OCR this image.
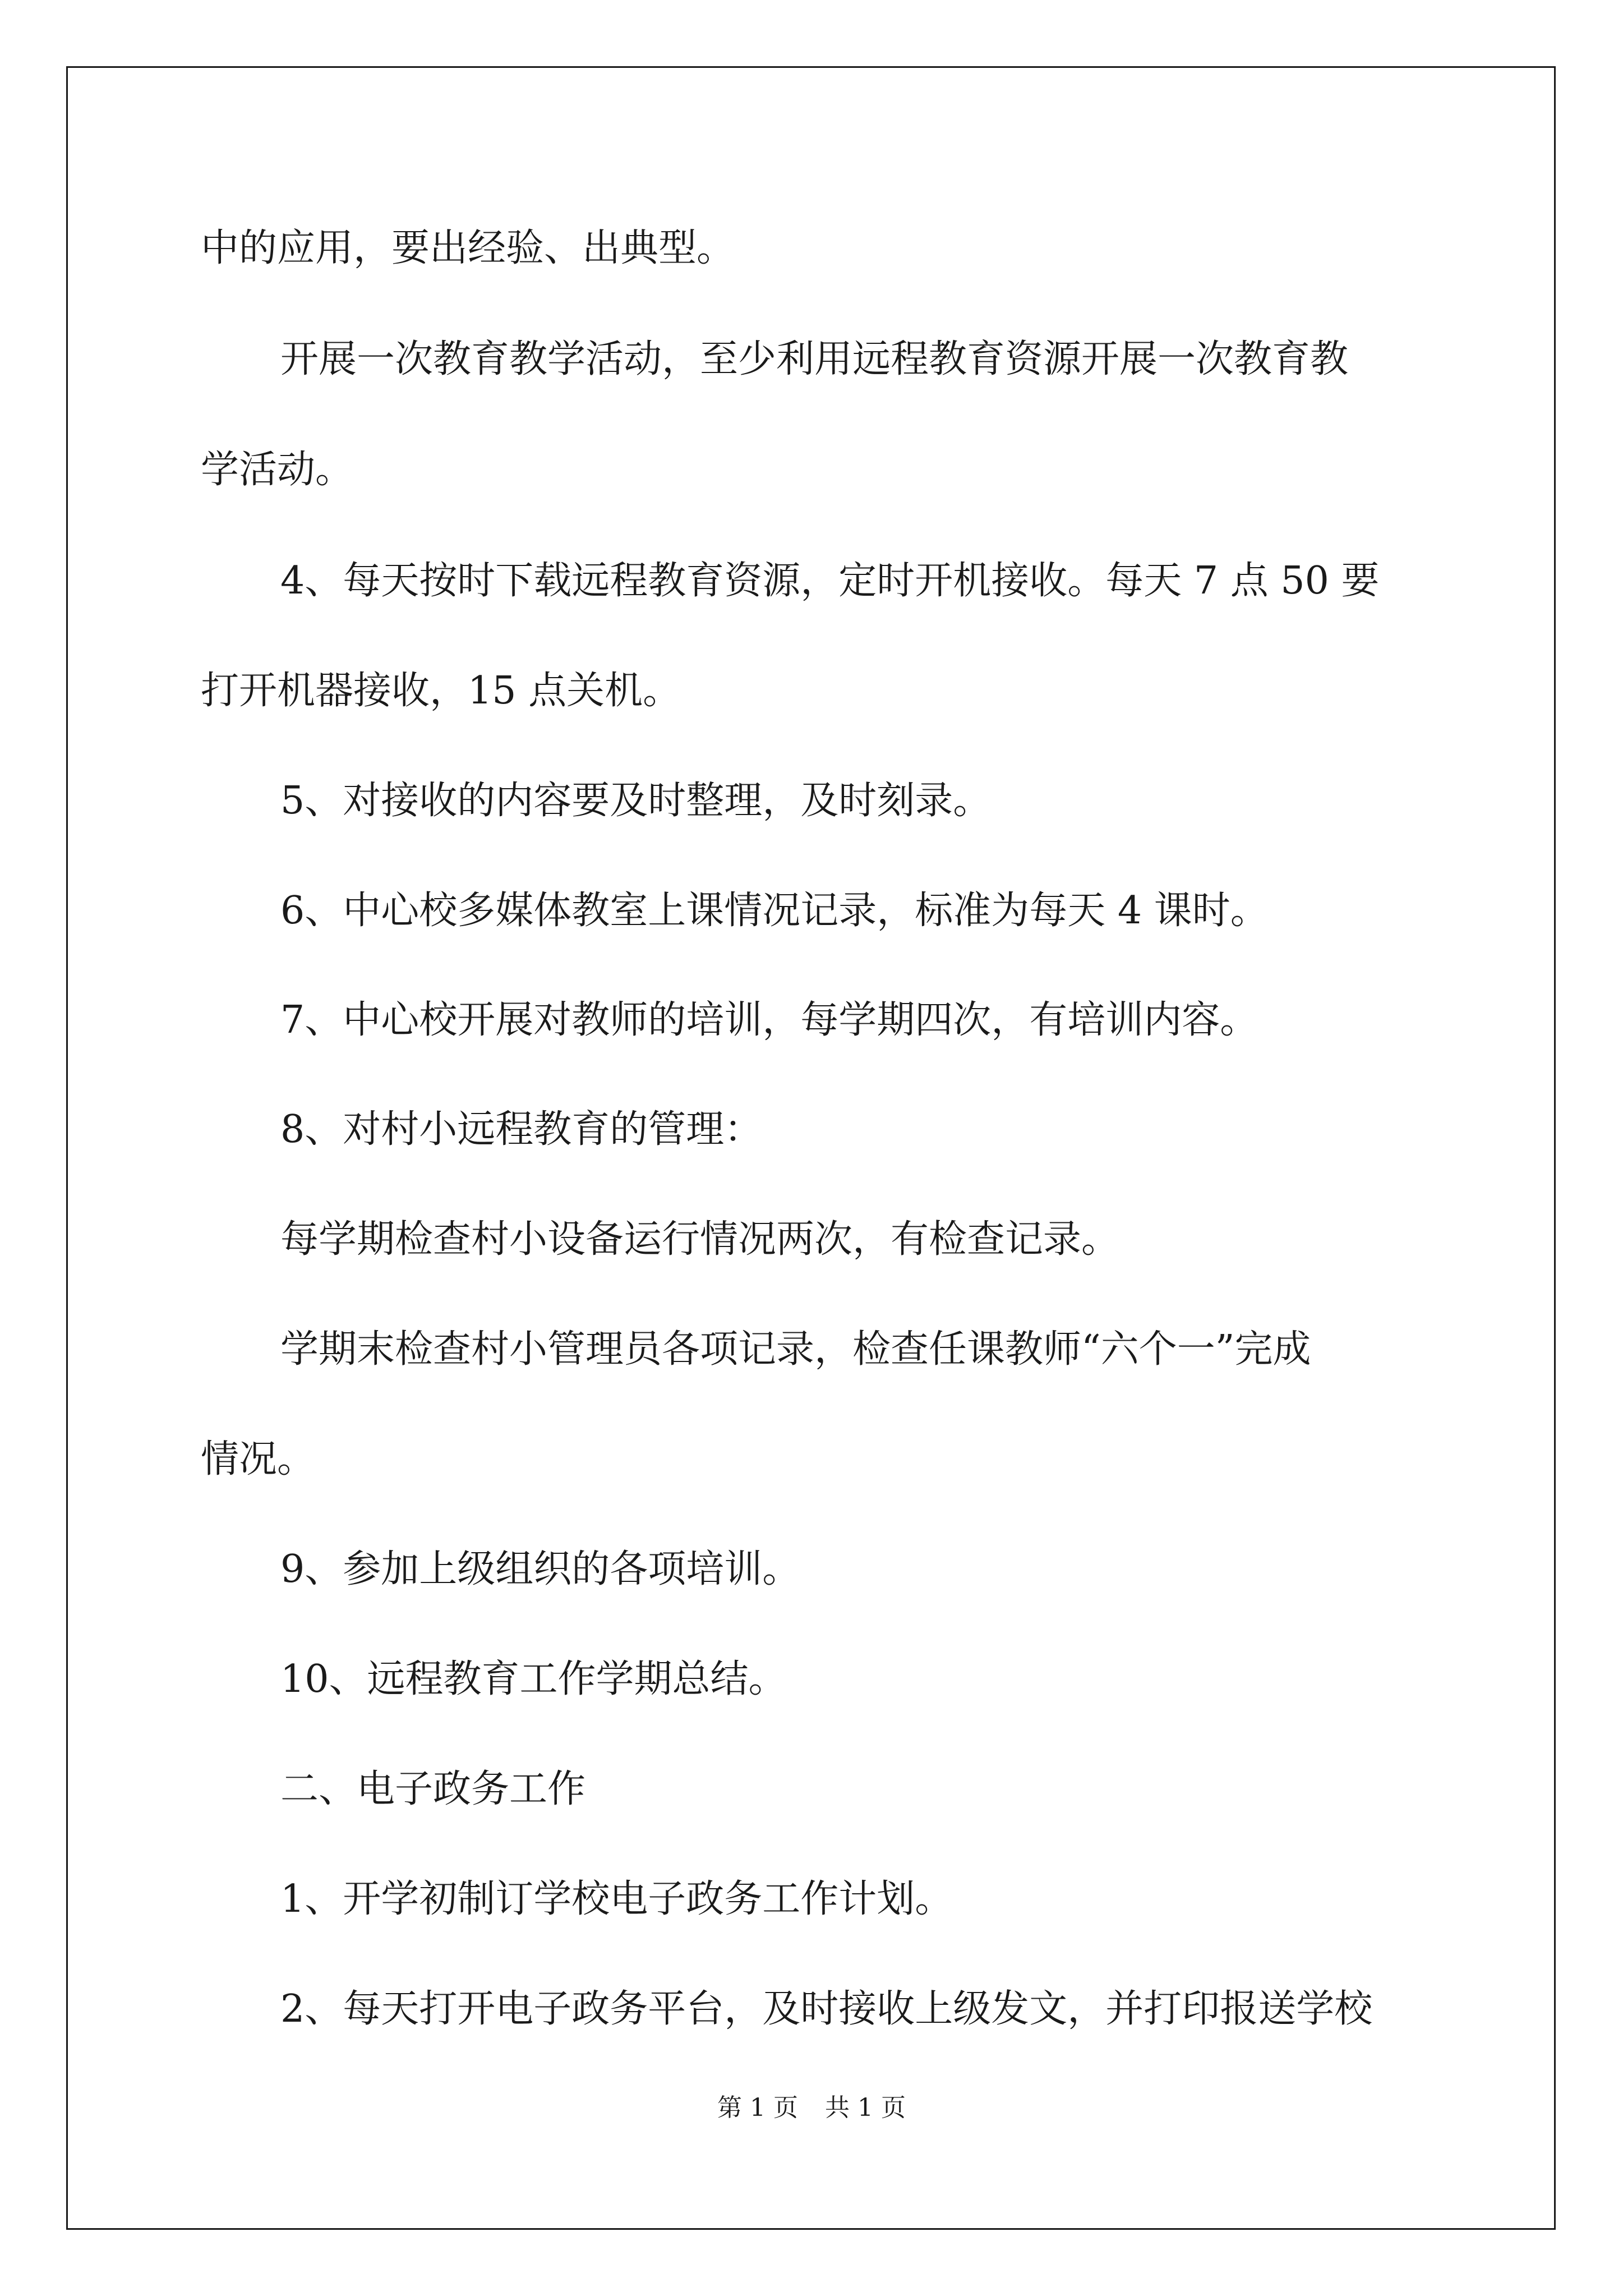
中的应用，要出经验、出典型。

开展一次教育教学活动，至少利用远程教育资源开展一次教育教

学活动。

4、每天按时下载远程教育资源，定时开机接收。每天 7 点 50 要

打开机器接收，15 点关机。

5、对接收的内容要及时整理，及时刻录。

6、中心校多媒体教室上课情况记录，标准为每天 4 课时。

7、中心校开展对教师的培训，每学期四次，有培训内容。

8、对村小远程教育的管理：

每学期检查村小设备运行情况两次，有检查记录。

学期末检查村小管理员各项记录，检查任课教师“六个一”完成

情况。

9、参加上级组织的各项培训。

10、远程教育工作学期总结。

二、电子政务工作

1、开学初制订学校电子政务工作计划。

2、每天打开电子政务平台，及时接收上级发文，并打印报送学校

第 1 页 共 1 页
